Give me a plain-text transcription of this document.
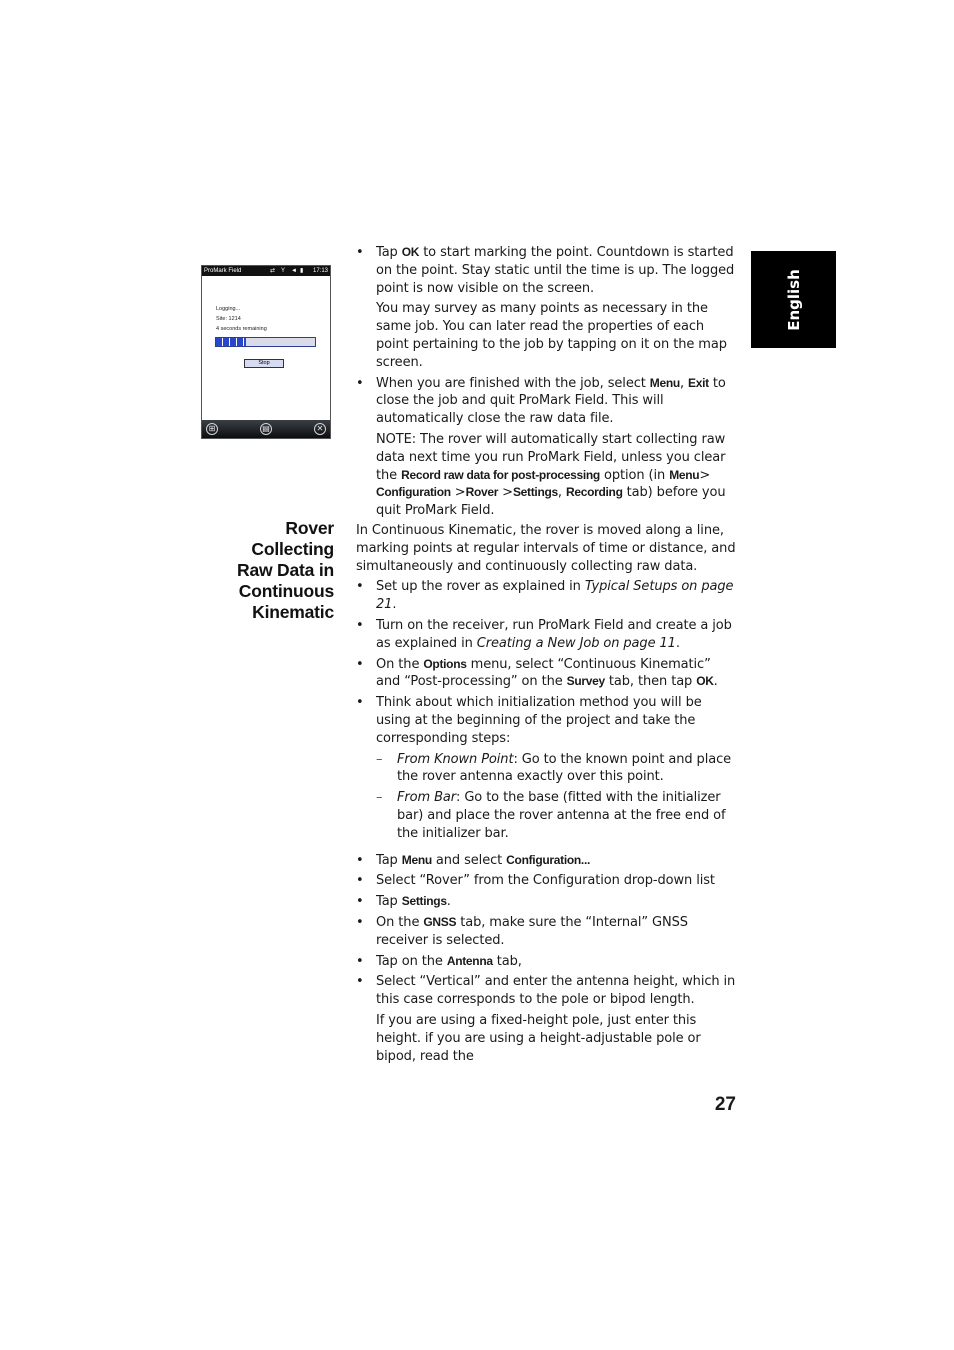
English
ProMark Field	⇄ Y ◄ ▮	17:13
Logging...
Site: 1214
4 seconds remaining
Stop
⊞	▤	✕
• Tap OK to start marking the point. Countdown is started on the point. Stay static until the time is up. The logged point is now visible on the screen.
You may survey as many points as necessary in the same job. You can later read the properties of each point pertaining to the job by tapping on it on the map screen.
• When you are finished with the job, select Menu, Exit to close the job and quit ProMark Field. This will automatically close the raw data file.
NOTE: The rover will automatically start collecting raw data next time you run ProMark Field, unless you clear the Record raw data for post-processing option (in Menu> Configuration >Rover >Settings, Recording tab) before you quit ProMark Field.
Rover Collecting
Raw Data in
Continuous
Kinematic
In Continuous Kinematic, the rover is moved along a line, marking points at regular intervals of time or distance, and simultaneously and continuously collecting raw data.
• Set up the rover as explained in Typical Setups on page 21.
• Turn on the receiver, run ProMark Field and create a job as explained in Creating a New Job on page 11.
• On the Options menu, select “Continuous Kinematic” and “Post-processing” on the Survey tab, then tap OK.
• Think about which initialization method you will be using at the beginning of the project and take the corresponding steps:
– From Known Point: Go to the known point and place the rover antenna exactly over this point.
– From Bar: Go to the base (fitted with the initializer bar) and place the rover antenna at the free end of the initializer bar.
• Tap Menu and select Configuration...
• Select “Rover” from the Configuration drop-down list
• Tap Settings.
• On the GNSS tab, make sure the “Internal” GNSS receiver is selected.
• Tap on the Antenna tab,
• Select “Vertical” and enter the antenna height, which in this case corresponds to the pole or bipod length.
If you are using a fixed-height pole, just enter this height. if you are using a height-adjustable pole or bipod, read the
27
